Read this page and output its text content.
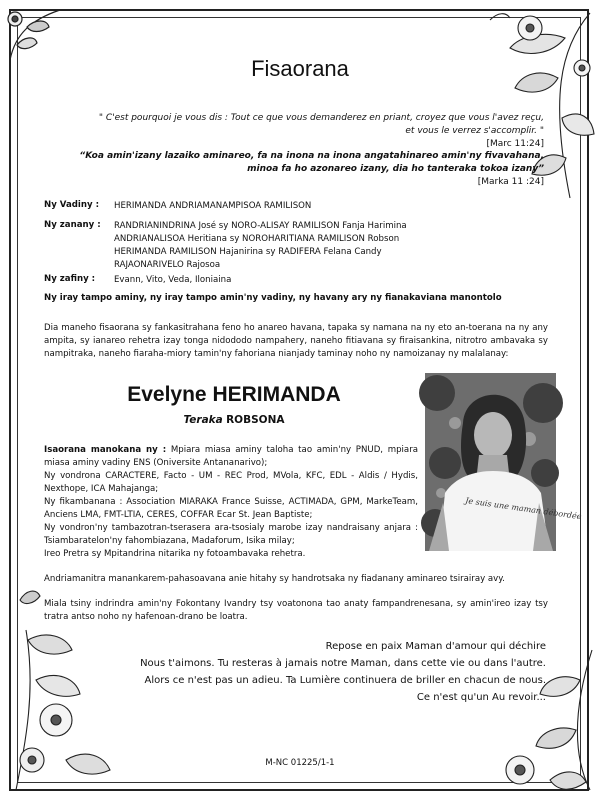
Fisaorana
" C'est pourquoi je vous dis : Tout ce que vous demanderez en priant, croyez que vous l'avez reçu,
et vous le verrez s'accomplir. "
[Marc 11:24]
“Koa amin'izany lazaiko aminareo, fa na inona na inona angatahinareo amin'ny fivavahana,
minoa fa ho azonareo izany, dia ho tanteraka tokoa izany”
[Marka 11 :24]
Ny Vadiny : HERIMANDA ANDRIAMANAMPISOA RAMILISON
Ny zanany : RANDRIANINDRINA José sy NORO-ALISAY RAMILISON Fanja Harimina
ANDRIANALISOA Heritiana sy NOROHARITIANA RAMILISON Robson
HERIMANDA RAMILISON Hajanirina sy RADIFERA Felana Candy
RAJAONARIVELO Rajosoa
Ny zafiny : Evann, Vito, Veda, Iloniaina
Ny iray tampo aminy, ny iray tampo amin'ny vadiny, ny havany ary ny fianakaviana manontolo
Dia maneho fisaorana sy fankasitrahana feno ho anareo havana, tapaka sy namana na ny eto an-toerana na ny any ampita, sy ianareo rehetra izay tonga nidododo nampahery, naneho fitiavana sy firaisankina, nitrotro ambavaka sy nampitraka, naneho fiaraha-miory tamin'ny fahoriana nianjady taminay noho ny namoizanay ny malalanay:
Evelyne HERIMANDA
Teraka ROBSONA
Isaorana manokana ny : Mpiara miasa aminy taloha tao amin'ny PNUD, mpiara miasa aminy vadiny ENS (Oniversite Antananarivo);
Ny vondrona CARACTERE, Facto - UM - REC Prod, MVola, KFC, EDL - Aldis / Hydis, Nexthope, ICA Mahajanga;
Ny fikambanana : Association MIARAKA France Suisse, ACTIMADA, GPM, MarkeTeam, Anciens LMA, FMT-LTIA, CERES, COFFAR Ecar St. Jean Baptiste;
Ny vondron'ny tambazotran-tserasera ara-tsosialy marobe izay nandraisany anjara : Tsiambaratelon'ny fahombiazana, Madaforum, Isika milay;
Ireo Pretra sy Mpitandrina nitarika ny fotoambavaka rehetra.
Je suis une maman débordée
Andriamanitra manankarem-pahasoavana anie hitahy sy handrotsaka ny fiadanany aminareo tsirairay avy.
Miala tsiny indrindra amin'ny Fokontany Ivandry tsy voatonona tao anaty fampandrenesana, sy amin'ireo izay tsy tratra antso noho ny hafenoan-drano be loatra.
Repose en paix Maman d'amour qui déchire
Nous t'aimons. Tu resteras à jamais notre Maman, dans cette vie ou dans l'autre.
Alors ce n'est pas un adieu. Ta Lumière continuera de briller en chacun de nous.
Ce n'est qu'un Au revoir...
M-NC 01225/1-1
